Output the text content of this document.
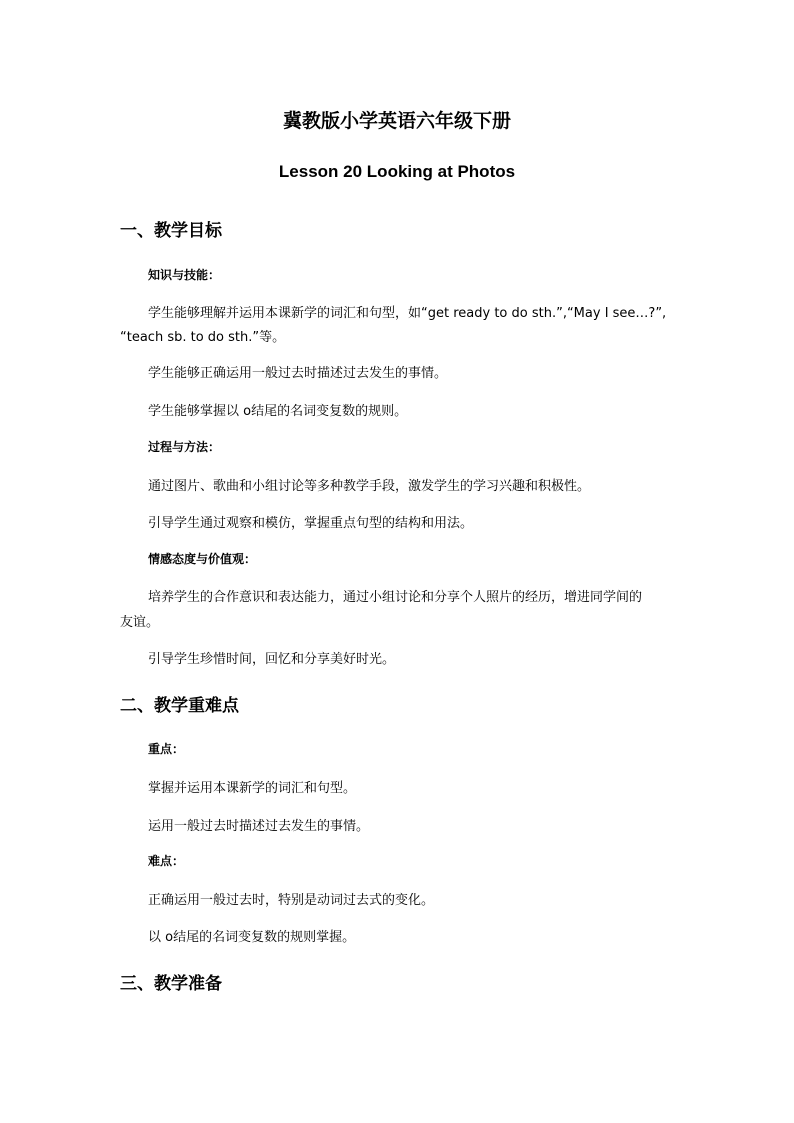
冀教版小学英语六年级下册
Lesson 20 Looking at Photos
一、教学目标
知识与技能：
学生能够理解并运用本课新学的词汇和句型，如“get ready to do sth.”,“May I see…?”,
“teach sb. to do sth.”等。
学生能够正确运用一般过去时描述过去发生的事情。
学生能够掌握以 o结尾的名词变复数的规则。
过程与方法：
通过图片、歌曲和小组讨论等多种教学手段，激发学生的学习兴趣和积极性。
引导学生通过观察和模仿，掌握重点句型的结构和用法。
情感态度与价值观：
培养学生的合作意识和表达能力，通过小组讨论和分享个人照片的经历，增进同学间的
友谊。
引导学生珍惜时间，回忆和分享美好时光。
二、教学重难点
重点：
掌握并运用本课新学的词汇和句型。
运用一般过去时描述过去发生的事情。
难点：
正确运用一般过去时，特别是动词过去式的变化。
以 o结尾的名词变复数的规则掌握。
三、教学准备
